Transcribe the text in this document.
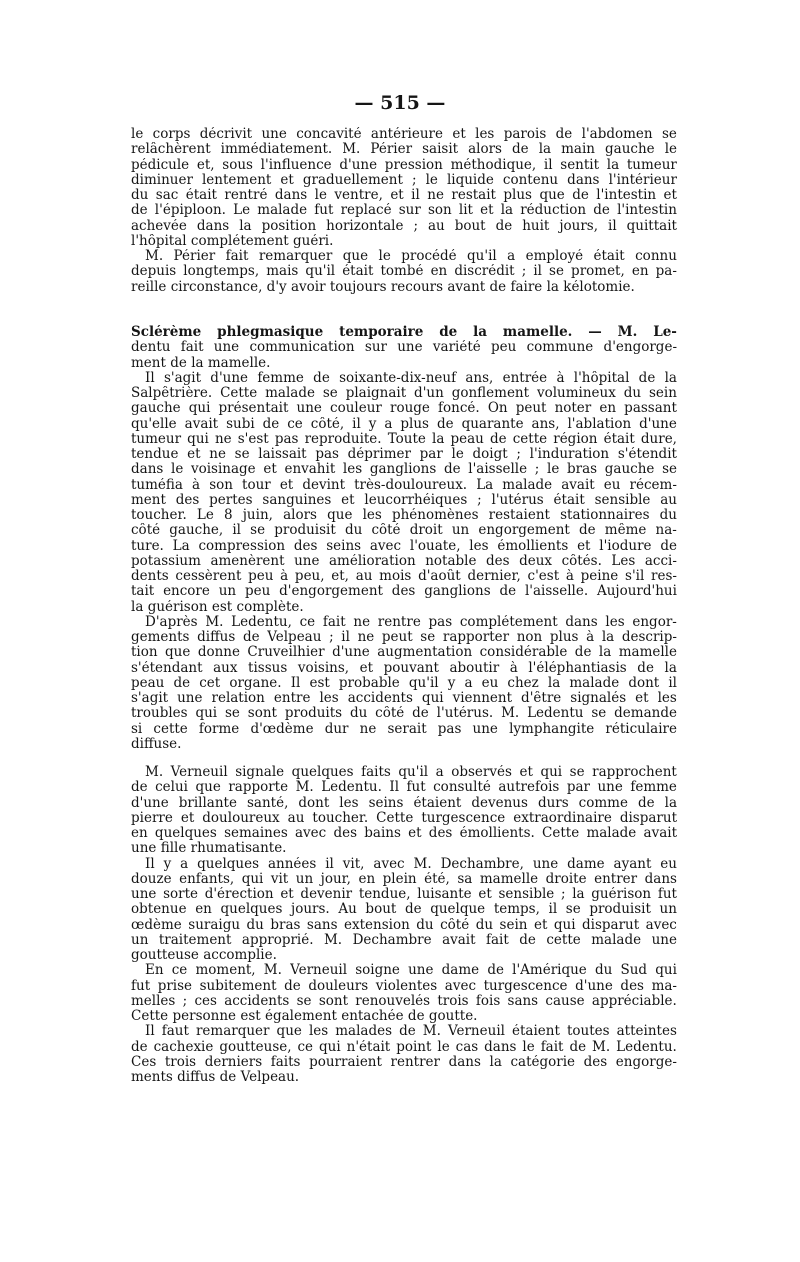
— 515 —
le corps décrivit une concavité antérieure et les parois de l'abdomen se
relâchèrent immédiatement. M. Périer saisit alors de la main gauche le
pédicule et, sous l'influence d'une pression méthodique, il sentit la tumeur
diminuer lentement et graduellement ; le liquide contenu dans l'intérieur
du sac était rentré dans le ventre, et il ne restait plus que de l'intestin et
de l'épiploon. Le malade fut replacé sur son lit et la réduction de l'intestin
achevée dans la position horizontale ; au bout de huit jours, il quittait
l'hôpital complétement guéri.
M. Périer fait remarquer que le procédé qu'il a employé était connu
depuis longtemps, mais qu'il était tombé en discrédit ; il se promet, en pa-
reille circonstance, d'y avoir toujours recours avant de faire la kélotomie.
Sclérème phlegmasique temporaire de la mamelle. — M. Le-
dentu fait une communication sur une variété peu commune d'engorge-
ment de la mamelle.
Il s'agit d'une femme de soixante-dix-neuf ans, entrée à l'hôpital de la
Salpêtrière. Cette malade se plaignait d'un gonflement volumineux du sein
gauche qui présentait une couleur rouge foncé. On peut noter en passant
qu'elle avait subi de ce côté, il y a plus de quarante ans, l'ablation d'une
tumeur qui ne s'est pas reproduite. Toute la peau de cette région était dure,
tendue et ne se laissait pas déprimer par le doigt ; l'induration s'étendit
dans le voisinage et envahit les ganglions de l'aisselle ; le bras gauche se
tuméfia à son tour et devint très-douloureux. La malade avait eu récem-
ment des pertes sanguines et leucorrhéiques ; l'utérus était sensible au
toucher. Le 8 juin, alors que les phénomènes restaient stationnaires du
côté gauche, il se produisit du côté droit un engorgement de même na-
ture. La compression des seins avec l'ouate, les émollients et l'iodure de
potassium amenèrent une amélioration notable des deux côtés. Les acci-
dents cessèrent peu à peu, et, au mois d'août dernier, c'est à peine s'il res-
tait encore un peu d'engorgement des ganglions de l'aisselle. Aujourd'hui
la guérison est complète.
D'après M. Ledentu, ce fait ne rentre pas complétement dans les engor-
gements diffus de Velpeau ; il ne peut se rapporter non plus à la descrip-
tion que donne Cruveilhier d'une augmentation considérable de la mamelle
s'étendant aux tissus voisins, et pouvant aboutir à l'éléphantiasis de la
peau de cet organe. Il est probable qu'il y a eu chez la malade dont il
s'agit une relation entre les accidents qui viennent d'être signalés et les
troubles qui se sont produits du côté de l'utérus. M. Ledentu se demande
si cette forme d'œdème dur ne serait pas une lymphangite réticulaire
diffuse.
M. Verneuil signale quelques faits qu'il a observés et qui se rapprochent
de celui que rapporte M. Ledentu. Il fut consulté autrefois par une femme
d'une brillante santé, dont les seins étaient devenus durs comme de la
pierre et douloureux au toucher. Cette turgescence extraordinaire disparut
en quelques semaines avec des bains et des émollients. Cette malade avait
une fille rhumatisante.
Il y a quelques années il vit, avec M. Dechambre, une dame ayant eu
douze enfants, qui vit un jour, en plein été, sa mamelle droite entrer dans
une sorte d'érection et devenir tendue, luisante et sensible ; la guérison fut
obtenue en quelques jours. Au bout de quelque temps, il se produisit un
œdème suraigu du bras sans extension du côté du sein et qui disparut avec
un traitement approprié. M. Dechambre avait fait de cette malade une
goutteuse accomplie.
En ce moment, M. Verneuil soigne une dame de l'Amérique du Sud qui
fut prise subitement de douleurs violentes avec turgescence d'une des ma-
melles ; ces accidents se sont renouvelés trois fois sans cause appréciable.
Cette personne est également entachée de goutte.
Il faut remarquer que les malades de M. Verneuil étaient toutes atteintes
de cachexie goutteuse, ce qui n'était point le cas dans le fait de M. Ledentu.
Ces trois derniers faits pourraient rentrer dans la catégorie des engorge-
ments diffus de Velpeau.
